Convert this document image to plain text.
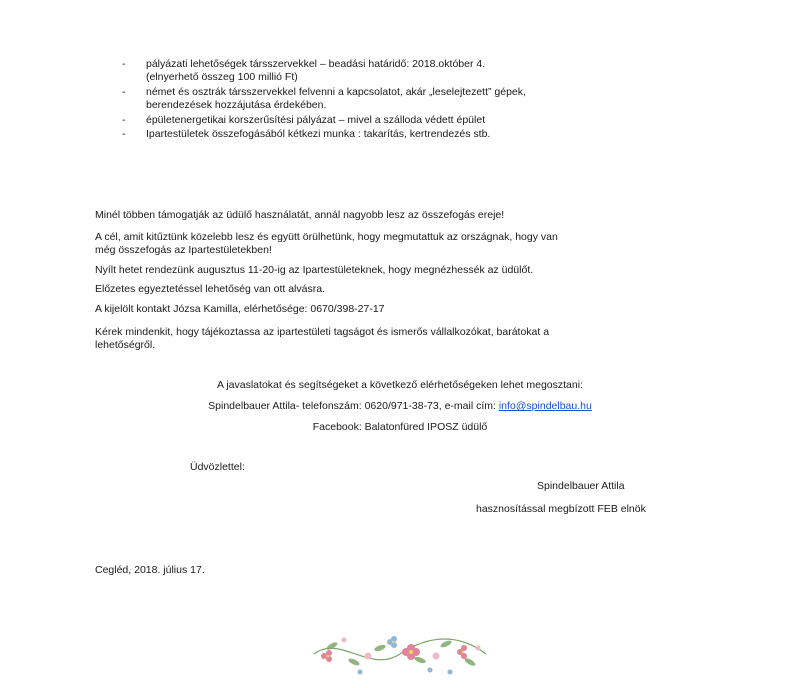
-	pályázati lehetőségek társszervekkel – beadási határidő: 2018.október 4.
(elnyerhető összeg 100 millió Ft)
-	német és osztrák társszervekkel felvenni a kapcsolatot, akár „leselejtezett” gépek,
berendezések hozzájutása érdekében.
-	épületenergetikai korszerűsítési pályázat – mivel a szálloda védett épület
-	Ipartestületek összefogásából kétkezi munka : takarítás, kertrendezés stb.
Minél többen támogatják az üdülő használatát, annál nagyobb lesz az összefogás ereje!
A cél, amit kitűztünk közelebb lesz és együtt örülhetünk, hogy megmutattuk az országnak, hogy van
még összefogás az Ipartestületekben!
Nyílt hetet rendezünk augusztus 11-20-ig az Ipartestületeknek, hogy megnézhessék az üdülőt.
Előzetes egyeztetéssel lehetőség van ott alvásra.
A kijelölt kontakt Józsa Kamilla, elérhetősége: 0670/398-27-17
Kérek mindenkit, hogy tájékoztassa az ipartestületi tagságot és ismerős vállalkozókat, barátokat a
lehetőségről.
A javaslatokat és segítségeket a következő elérhetőségeken lehet megosztani:
Spindelbauer Attila- telefonszám: 0620/971-38-73, e-mail cím: info@spindelbau.hu
Facebook: Balatonfüred IPOSZ üdülő
Üdvözlettel:
Spindelbauer Attila
hasznosítással megbízott FEB elnök
Cegléd, 2018. július 17.
